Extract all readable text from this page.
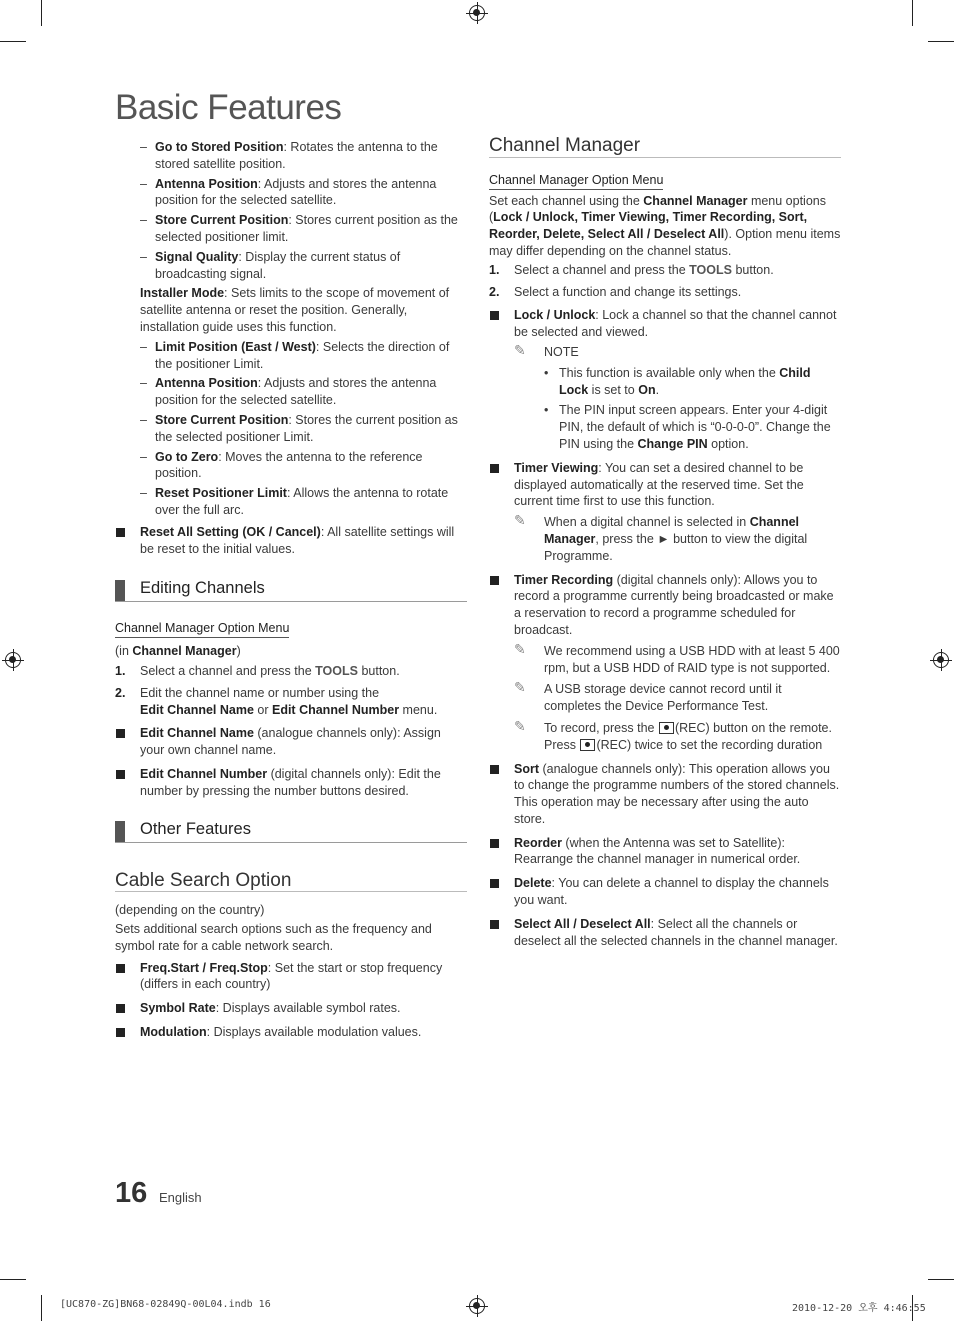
Basic Features
– Go to Stored Position: Rotates the antenna to the stored satellite position.
– Antenna Position: Adjusts and stores the antenna position for the selected satellite.
– Store Current Position: Stores current position as the selected positioner limit.
– Signal Quality: Display the current status of broadcasting signal.
Installer Mode: Sets limits to the scope of movement of satellite antenna or reset the position. Generally, installation guide uses this function.
– Limit Position (East / West): Selects the direction of the positioner Limit.
– Antenna Position: Adjusts and stores the antenna position for the selected satellite.
– Store Current Position: Stores the current position as the selected positioner Limit.
– Go to Zero: Moves the antenna to the reference position.
– Reset Positioner Limit: Allows the antenna to rotate over the full arc.
Reset All Setting (OK / Cancel): All satellite settings will be reset to the initial values.
Editing Channels
Channel Manager Option Menu

(in Channel Manager)

1. Select a channel and press the TOOLS button.
2. Edit the channel name or number using the
Edit Channel Name or Edit Channel Number menu.
Edit Channel Name (analogue channels only): Assign your own channel name.
Edit Channel Number (digital channels only): Edit the number by pressing the number buttons desired.
Other Features
Cable Search Option

(depending on the country)

Sets additional search options such as the frequency and symbol rate for a cable network search.

Freq.Start / Freq.Stop: Set the start or stop frequency (differs in each country)
Symbol Rate: Displays available symbol rates.
Modulation: Displays available modulation values.
Channel Manager
Channel Manager Option Menu

Set each channel using the Channel Manager menu options (Lock / Unlock, Timer Viewing, Timer Recording, Sort, Reorder, Delete, Select All / Deselect All). Option menu items may differ depending on the channel status.

1. Select a channel and press the TOOLS button.
2. Select a function and change its settings.
Lock / Unlock: Lock a channel so that the channel cannot be selected and viewed.
✎ NOTE
• This function is available only when the Child Lock is set to On.
• The PIN input screen appears. Enter your 4-digit PIN, the default of which is “0-0-0-0”. Change the PIN using the Change PIN option.
Timer Viewing: You can set a desired channel to be displayed automatically at the reserved time. Set the current time first to use this function.
✎ When a digital channel is selected in Channel Manager, press the ► button to view the digital Programme.
Timer Recording (digital channels only): Allows you to record a programme currently being broadcasted or make a reservation to record a programme scheduled for broadcast.
✎ We recommend using a USB HDD with at least 5 400 rpm, but a USB HDD of RAID type is not supported.
✎ A USB storage device cannot record until it completes the Device Performance Test.
✎ To record, press the (REC) button on the remote. Press (REC) twice to set the recording duration
Sort (analogue channels only): This operation allows you to change the programme numbers of the stored channels. This operation may be necessary after using the auto store.
Reorder (when the Antenna was set to Satellite): Rearrange the channel manager in numerical order.
Delete: You can delete a channel to display the channels you want.
Select All / Deselect All: Select all the channels or deselect all the selected channels in the channel manager.
16 English
[UC870-ZG]BN68-02849Q-00L04.indb 16	2010-12-20 오후 4:46:55
